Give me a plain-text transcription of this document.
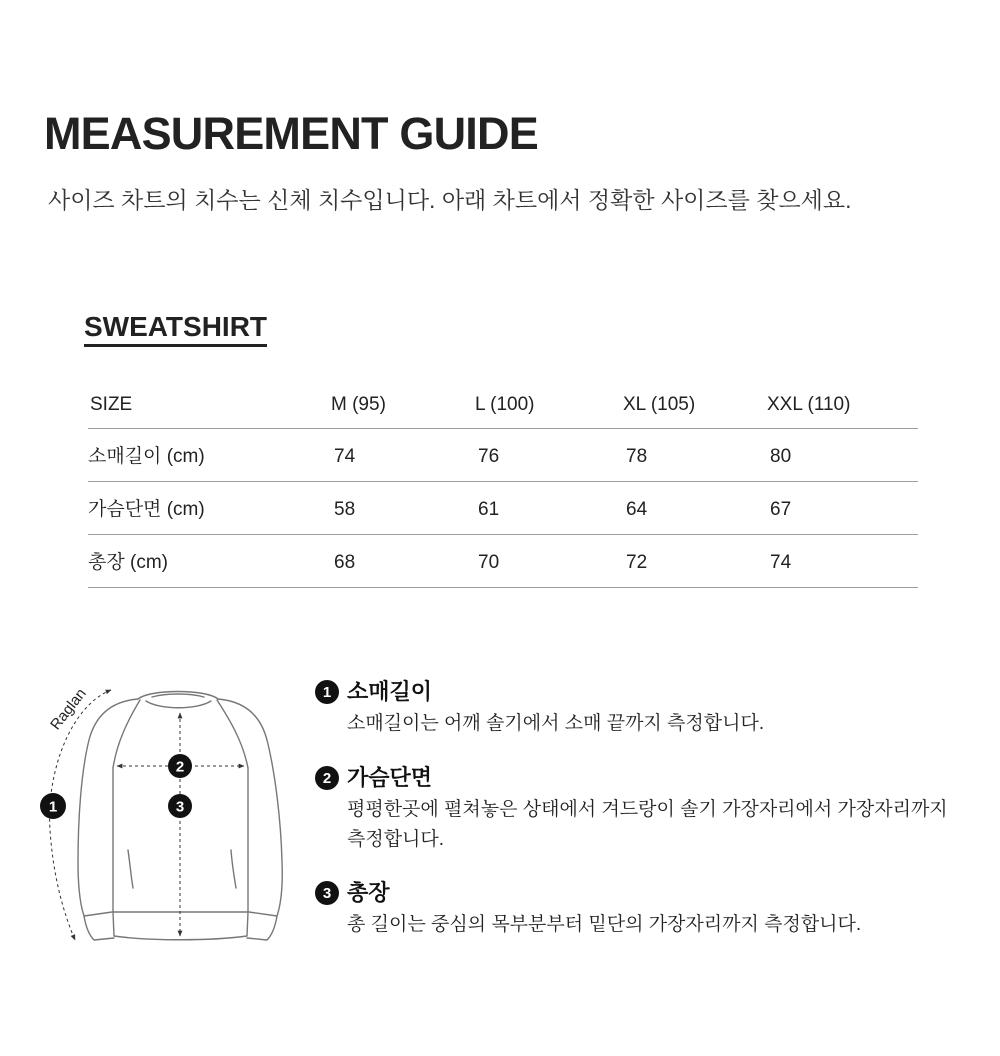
MEASUREMENT GUIDE
사이즈 차트의 치수는 신체 치수입니다. 아래 차트에서 정확한 사이즈를 찾으세요.
SWEATSHIRT
SIZE	M (95)	L (100)	XL (105)	XXL (110)
소매길이 (cm)	74	76	78	80
가슴단면 (cm)	58	61	64	67
총장 (cm)	68	70	72	74
Raglan
1
2
3
1 소매길이
소매길이는 어깨 솔기에서 소매 끝까지 측정합니다.
2 가슴단면
평평한곳에 펼쳐놓은 상태에서 겨드랑이 솔기 가장자리에서 가장자리까지 측정합니다.
3 총장
총 길이는 중심의 목부분부터 밑단의 가장자리까지 측정합니다.
